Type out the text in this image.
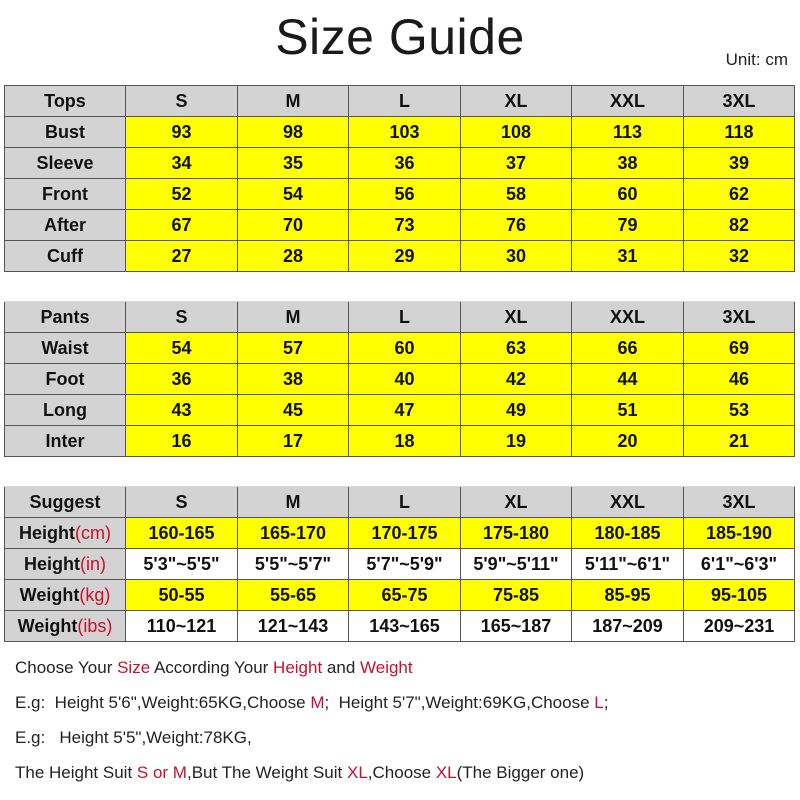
Size Guide	Unit: cm
Tops	S	M	L	XL	XXL	3XL
Bust	93	98	103	108	113	118
Sleeve	34	35	36	37	38	39
Front	52	54	56	58	60	62
After	67	70	73	76	79	82
Cuff	27	28	29	30	31	32

Pants	S	M	L	XL	XXL	3XL
Waist	54	57	60	63	66	69
Foot	36	38	40	42	44	46
Long	43	45	47	49	51	53
Inter	16	17	18	19	20	21

Suggest	S	M	L	XL	XXL	3XL
Height(cm)	160-165	165-170	170-175	175-180	180-185	185-190
Height(in)	5'3"~5'5"	5'5"~5'7"	5'7"~5'9"	5'9"~5'11"	5'11"~6'1"	6'1"~6'3"
Weight(kg)	50-55	55-65	65-75	75-85	85-95	95-105
Weight(ibs)	110~121	121~143	143~165	165~187	187~209	209~231
Choose Your Size According Your Height and Weight
E.g:  Height 5'6",Weight:65KG,Choose M;  Height 5'7",Weight:69KG,Choose L;
E.g:   Height 5'5",Weight:78KG,
The Height Suit S or M,But The Weight Suit XL,Choose XL(The Bigger one)
